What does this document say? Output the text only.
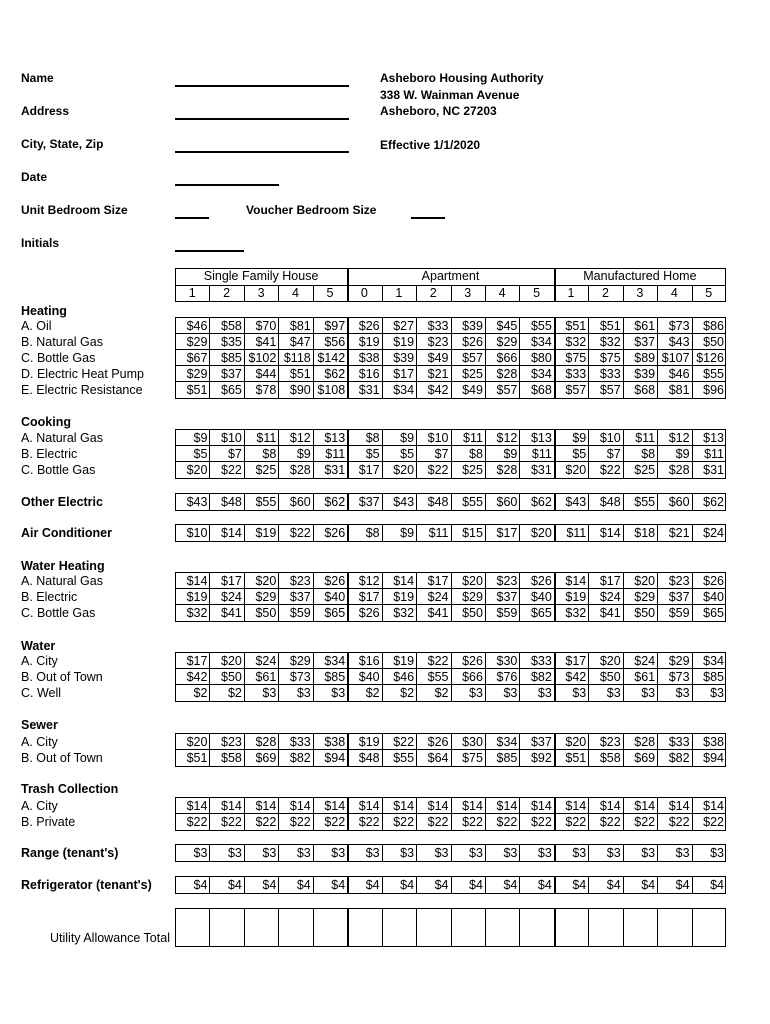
Name
Address
City, State, Zip
Date
Unit Bedroom Size	Voucher Bedroom Size
Initials
Asheboro Housing Authority
338 W. Wainman Avenue
Asheboro, NC 27203
Effective 1/1/2020
Single Family House
1	2	3	4	5
Apartment
0	1	2	3	4	5
Manufactured Home
1	2	3	4	5
Heating
A. Oil	$46	$58	$70	$81	$97	$26	$27	$33	$39	$45	$55	$51	$51	$61	$73	$86
B. Natural Gas	$29	$35	$41	$47	$56	$19	$19	$23	$26	$29	$34	$32	$32	$37	$43	$50
C. Bottle Gas	$67	$85 $102 $118 $142	$38	$39	$49	$57	$66	$80	$75	$75	$89 $107 $126
D. Electric Heat Pump	$29	$37	$44	$51	$62	$16	$17	$21	$25	$28	$34	$33	$33	$39	$46	$55
E. Electric Resistance	$51	$65	$78	$90 $108	$31	$34	$42	$49	$57	$68	$57	$57	$68	$81	$96
Cooking
A. Natural Gas	$9	$10	$11	$12	$13	$8	$9	$10	$11	$12	$13	$9	$10	$11	$12	$13
B. Electric	$5	$7	$8	$9	$11	$5	$5	$7	$8	$9	$11	$5	$7	$8	$9	$11
C. Bottle Gas	$20	$22	$25	$28	$31	$17	$20	$22	$25	$28	$31	$20	$22	$25	$28	$31
Other Electric	$43	$48	$55	$60	$62	$37	$43	$48	$55	$60	$62	$43	$48	$55	$60	$62
Air Conditioner	$10	$14	$19	$22	$26	$8	$9	$11	$15	$17	$20	$11	$14	$18	$21	$24
Water Heating
A. Natural Gas	$14	$17	$20	$23	$26	$12	$14	$17	$20	$23	$26	$14	$17	$20	$23	$26
B. Electric	$19	$24	$29	$37	$40	$17	$19	$24	$29	$37	$40	$19	$24	$29	$37	$40
C. Bottle Gas	$32	$41	$50	$59	$65	$26	$32	$41	$50	$59	$65	$32	$41	$50	$59	$65
Water
A. City	$17	$20	$24	$29	$34	$16	$19	$22	$26	$30	$33	$17	$20	$24	$29	$34
B. Out of Town	$42	$50	$61	$73	$85	$40	$46	$55	$66	$76	$82	$42	$50	$61	$73	$85
C. Well	$2	$2	$3	$3	$3	$2	$2	$2	$3	$3	$3	$3	$3	$3	$3	$3
Sewer
A. City	$20	$23	$28	$33	$38	$19	$22	$26	$30	$34	$37	$20	$23	$28	$33	$38
B. Out of Town	$51	$58	$69	$82	$94	$48	$55	$64	$75	$85	$92	$51	$58	$69	$82	$94
Trash Collection
A. City	$14	$14	$14	$14	$14	$14	$14	$14	$14	$14	$14	$14	$14	$14	$14	$14
B. Private	$22	$22	$22	$22	$22	$22	$22	$22	$22	$22	$22	$22	$22	$22	$22	$22
Range (tenant's)	$3	$3	$3	$3	$3	$3	$3	$3	$3	$3	$3	$3	$3	$3	$3	$3
Refrigerator (tenant's)	$4	$4	$4	$4	$4	$4	$4	$4	$4	$4	$4	$4	$4	$4	$4	$4
Utility Allowance Total
